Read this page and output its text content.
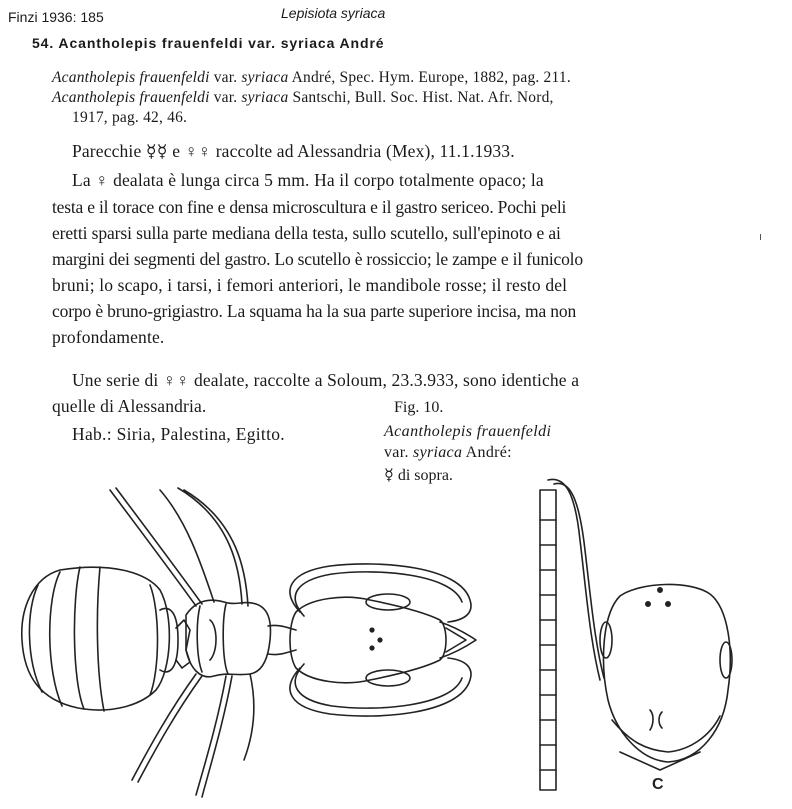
Finzi 1936: 185	Lepisiota syriaca
54. Acantholepis frauenfeldi var. syriaca André
Acantholepis frauenfeldi var. syriaca André, Spec. Hym. Europe, 1882, pag. 211.
Acantholepis frauenfeldi var. syriaca Santschi, Bull. Soc. Hist. Nat. Afr. Nord,
1917, pag. 42, 46.
Parecchie ☿☿ e ♀♀ raccolte ad Alessandria (Mex), 11.1.1933.
La ♀ dealata è lunga circa 5 mm. Ha il corpo totalmente opaco; la
testa e il torace con fine e densa microscultura e il gastro sericeo. Pochi peli
eretti sparsi sulla parte mediana della testa, sullo scutello, sull'epinoto e ai
margini dei segmenti del gastro. Lo scutello è rossiccio; le zampe e il funicolo
bruni; lo scapo, i tarsi, i femori anteriori, le mandibole rosse; il resto del
corpo è bruno-grigiastro. La squama ha la sua parte superiore incisa, ma non
profondamente.
Une serie di ♀♀ dealate, raccolte a Soloum, 23.3.933, sono identiche a
quelle di Alessandria.
Hab.: Siria, Palestina, Egitto.
Fig. 10.
Acantholepis frauenfeldi
var. syriaca André:
☿ di sopra.
C
